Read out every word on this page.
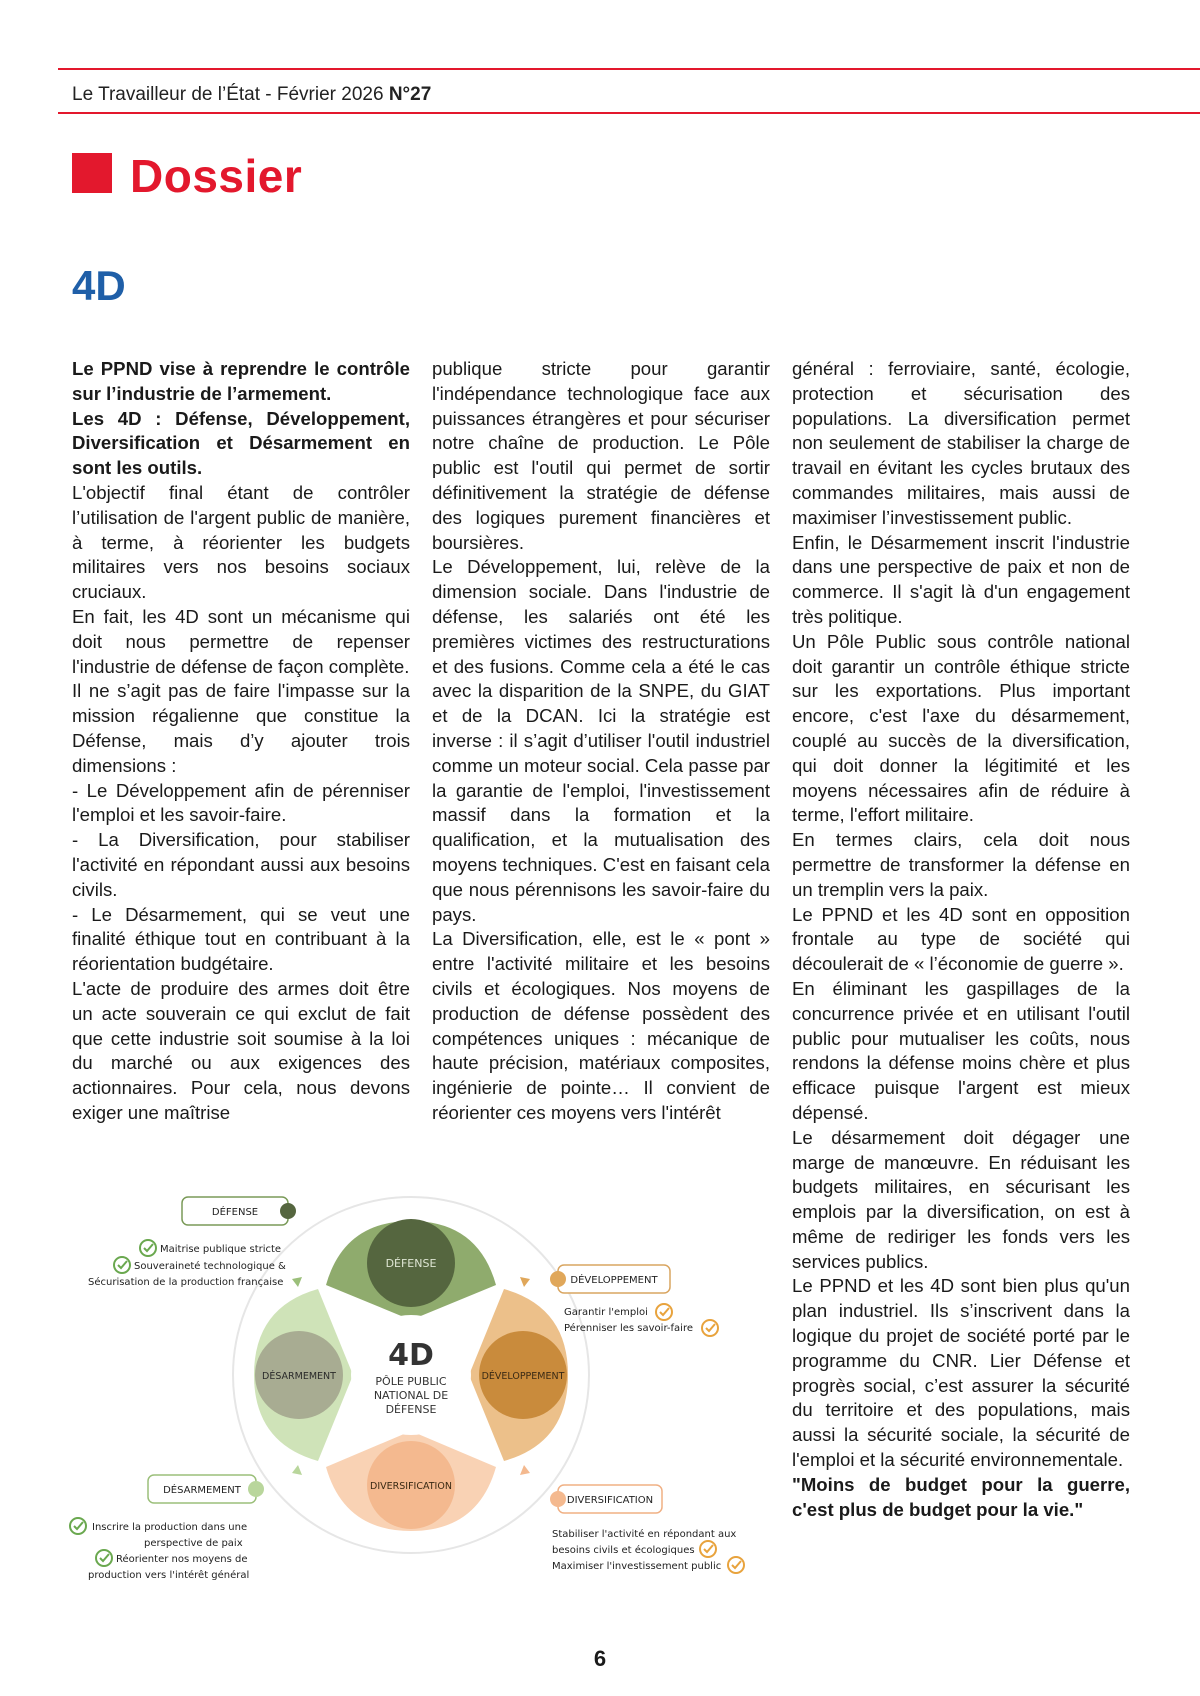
Le Travailleur de l’État - Février 2026 N°27
Dossier
4D

Le PPND vise à reprendre le contrôle sur l’industrie de l’armement.

Les 4D : Défense, Développement, Diversification et Désarmement en sont les outils.

L'objectif final étant de contrôler l’utilisation de l'argent public de manière, à terme, à réorienter les budgets militaires vers nos besoins sociaux cruciaux.

En fait, les 4D sont un mécanisme qui doit nous permettre de repenser l'industrie de défense de façon complète.

Il ne s’agit pas de faire l'impasse sur la mission régalienne que constitue la Défense, mais d’y ajouter trois dimensions :

- Le Développement afin de pérenniser l'emploi et les savoir-faire.

- La Diversification, pour stabiliser l'activité en répondant aussi aux besoins civils.

- Le Désarmement, qui se veut une finalité éthique tout en contribuant à la réorientation budgétaire.

L'acte de produire des armes doit être un acte souverain ce qui exclut de fait que cette industrie soit soumise à la loi du marché ou aux exigences des actionnaires. Pour cela, nous devons exiger une maîtrise

publique stricte pour garantir l'indépendance technologique face aux puissances étrangères et pour sécuriser notre chaîne de production. Le Pôle public est l'outil qui permet de sortir définitivement la stratégie de défense des logiques purement financières et boursières.

Le Développement, lui, relève de la dimension sociale. Dans l'industrie de défense, les salariés ont été les premières victimes des restructurations et des fusions. Comme cela a été le cas avec la disparition de la SNPE, du GIAT et de la DCAN. Ici la stratégie est inverse : il s’agit d’utiliser l'outil industriel comme un moteur social. Cela passe par la garantie de l'emploi, l'investissement massif dans la formation et la qualification, et la mutualisation des moyens techniques. C'est en faisant cela que nous pérennisons les savoir-faire du pays.

La Diversification, elle, est le « pont » entre l'activité militaire et les besoins civils et écologiques. Nos moyens de production de défense possèdent des compétences uniques : mécanique de haute précision, matériaux composites, ingénierie de pointe… Il convient de réorienter ces moyens vers l'intérêt

général : ferroviaire, santé, écologie, protection et sécurisation des populations. La diversification permet non seulement de stabiliser la charge de travail en évitant les cycles brutaux des commandes militaires, mais aussi de maximiser l’investissement public.

Enfin, le Désarmement inscrit l'industrie dans une perspective de paix et non de commerce. Il s'agit là d'un engagement très politique.

Un Pôle Public sous contrôle national doit garantir un contrôle éthique stricte sur les exportations. Plus important encore, c'est l'axe du désarmement, couplé au succès de la diversification, qui doit donner la légitimité et les moyens nécessaires afin de réduire à terme, l'effort militaire.

En termes clairs, cela doit nous permettre de transformer la défense en un tremplin vers la paix.

Le PPND et les 4D sont en opposition frontale au type de société qui découlerait de « l’économie de guerre ».

En éliminant les gaspillages de la concurrence privée et en utilisant l'outil public pour mutualiser les coûts, nous rendons la défense moins chère et plus efficace puisque l'argent est mieux dépensé.

Le désarmement doit dégager une marge de manœuvre. En réduisant les budgets militaires, en sécurisant les emplois par la diversification, on est à même de rediriger les fonds vers les services publics.

Le PPND et les 4D sont bien plus qu'un plan industriel. Ils s’inscrivent dans la logique du projet de société porté par le programme du CNR. Lier Défense et progrès social, c’est assurer la sécurité du territoire et des populations, mais aussi la sécurité sociale, la sécurité de l'emploi et la sécurité environnementale.

"Moins de budget pour la guerre, c'est plus de budget pour la vie."

DÉFENSE
DÉVELOPPEMENT
DIVERSIFICATION
DÉSARMEMENT
4D
PÔLE PUBLIC
NATIONAL DE
DÉFENSE
DÉFENSE
Maitrise publique stricte
Souveraineté technologique &
Sécurisation de la production française	DÉVELOPPEMENT
Garantir l'emploi
Pérenniser les savoir-faire
DIVERSIFICATION
Stabiliser l'activité en répondant aux
besoins civils et écologiques
Maximiser l'investissement public
DÉSARMEMENT
Inscrire la production dans une
perspective de paix
Réorienter nos moyens de
production vers l'intérêt général
6
